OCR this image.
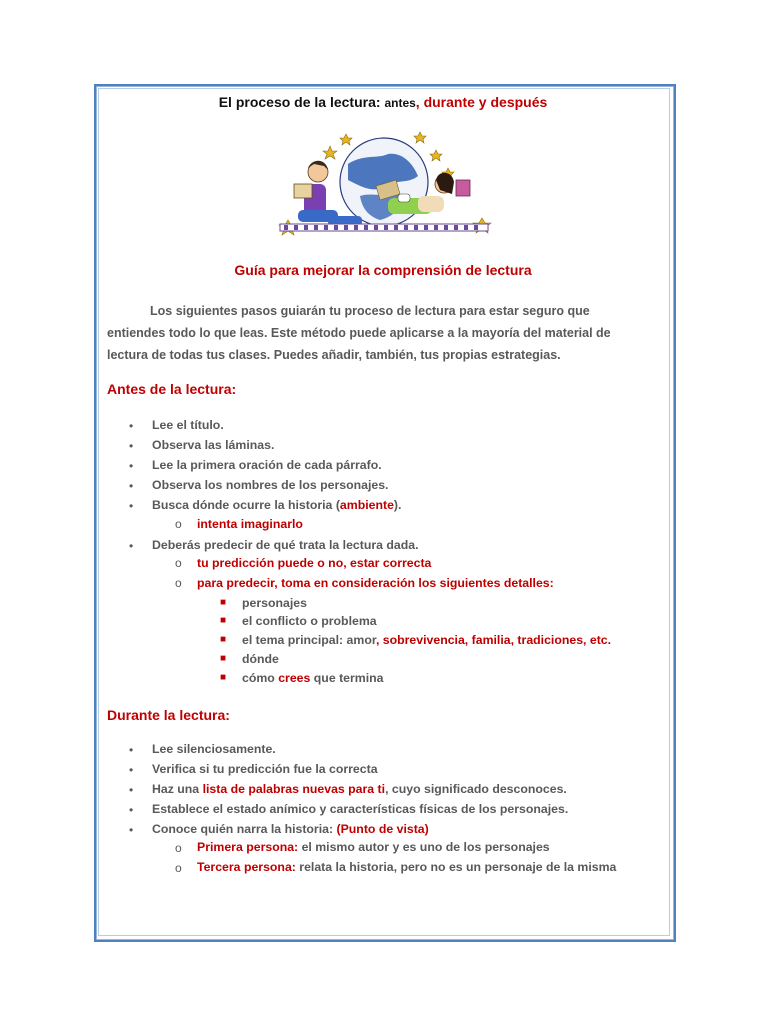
El proceso de la lectura: antes, durante y después
Guía para mejorar la comprensión de lectura
Los siguientes pasos guiarán tu proceso de lectura para estar seguro que
entiendes todo lo que leas. Este método puede aplicarse a la mayoría del material de
lectura de todas tus clases. Puedes añadir, también, tus propias estrategias.
Antes de la lectura:
• Lee el título.
• Observa las láminas.
• Lee la primera oración de cada párrafo.
• Observa los nombres de los personajes.
• Busca dónde ocurre la historia (ambiente).
o intenta imaginarlo
• Deberás predecir de qué trata la lectura dada.
o tu predicción puede o no, estar correcta
o para predecir, toma en consideración los siguientes detalles:
■ personajes
■ el conflicto o problema
■ el tema principal: amor, sobrevivencia, familia, tradiciones, etc.
■ dónde
■ cómo crees que termina
Durante la lectura:
• Lee silenciosamente.
• Verifica si tu predicción fue la correcta
• Haz una lista de palabras nuevas para ti, cuyo significado desconoces.
• Establece el estado anímico y características físicas de los personajes.
• Conoce quién narra la historia: (Punto de vista)
o Primera persona: el mismo autor y es uno de los personajes
o Tercera persona: relata la historia, pero no es un personaje de la misma
